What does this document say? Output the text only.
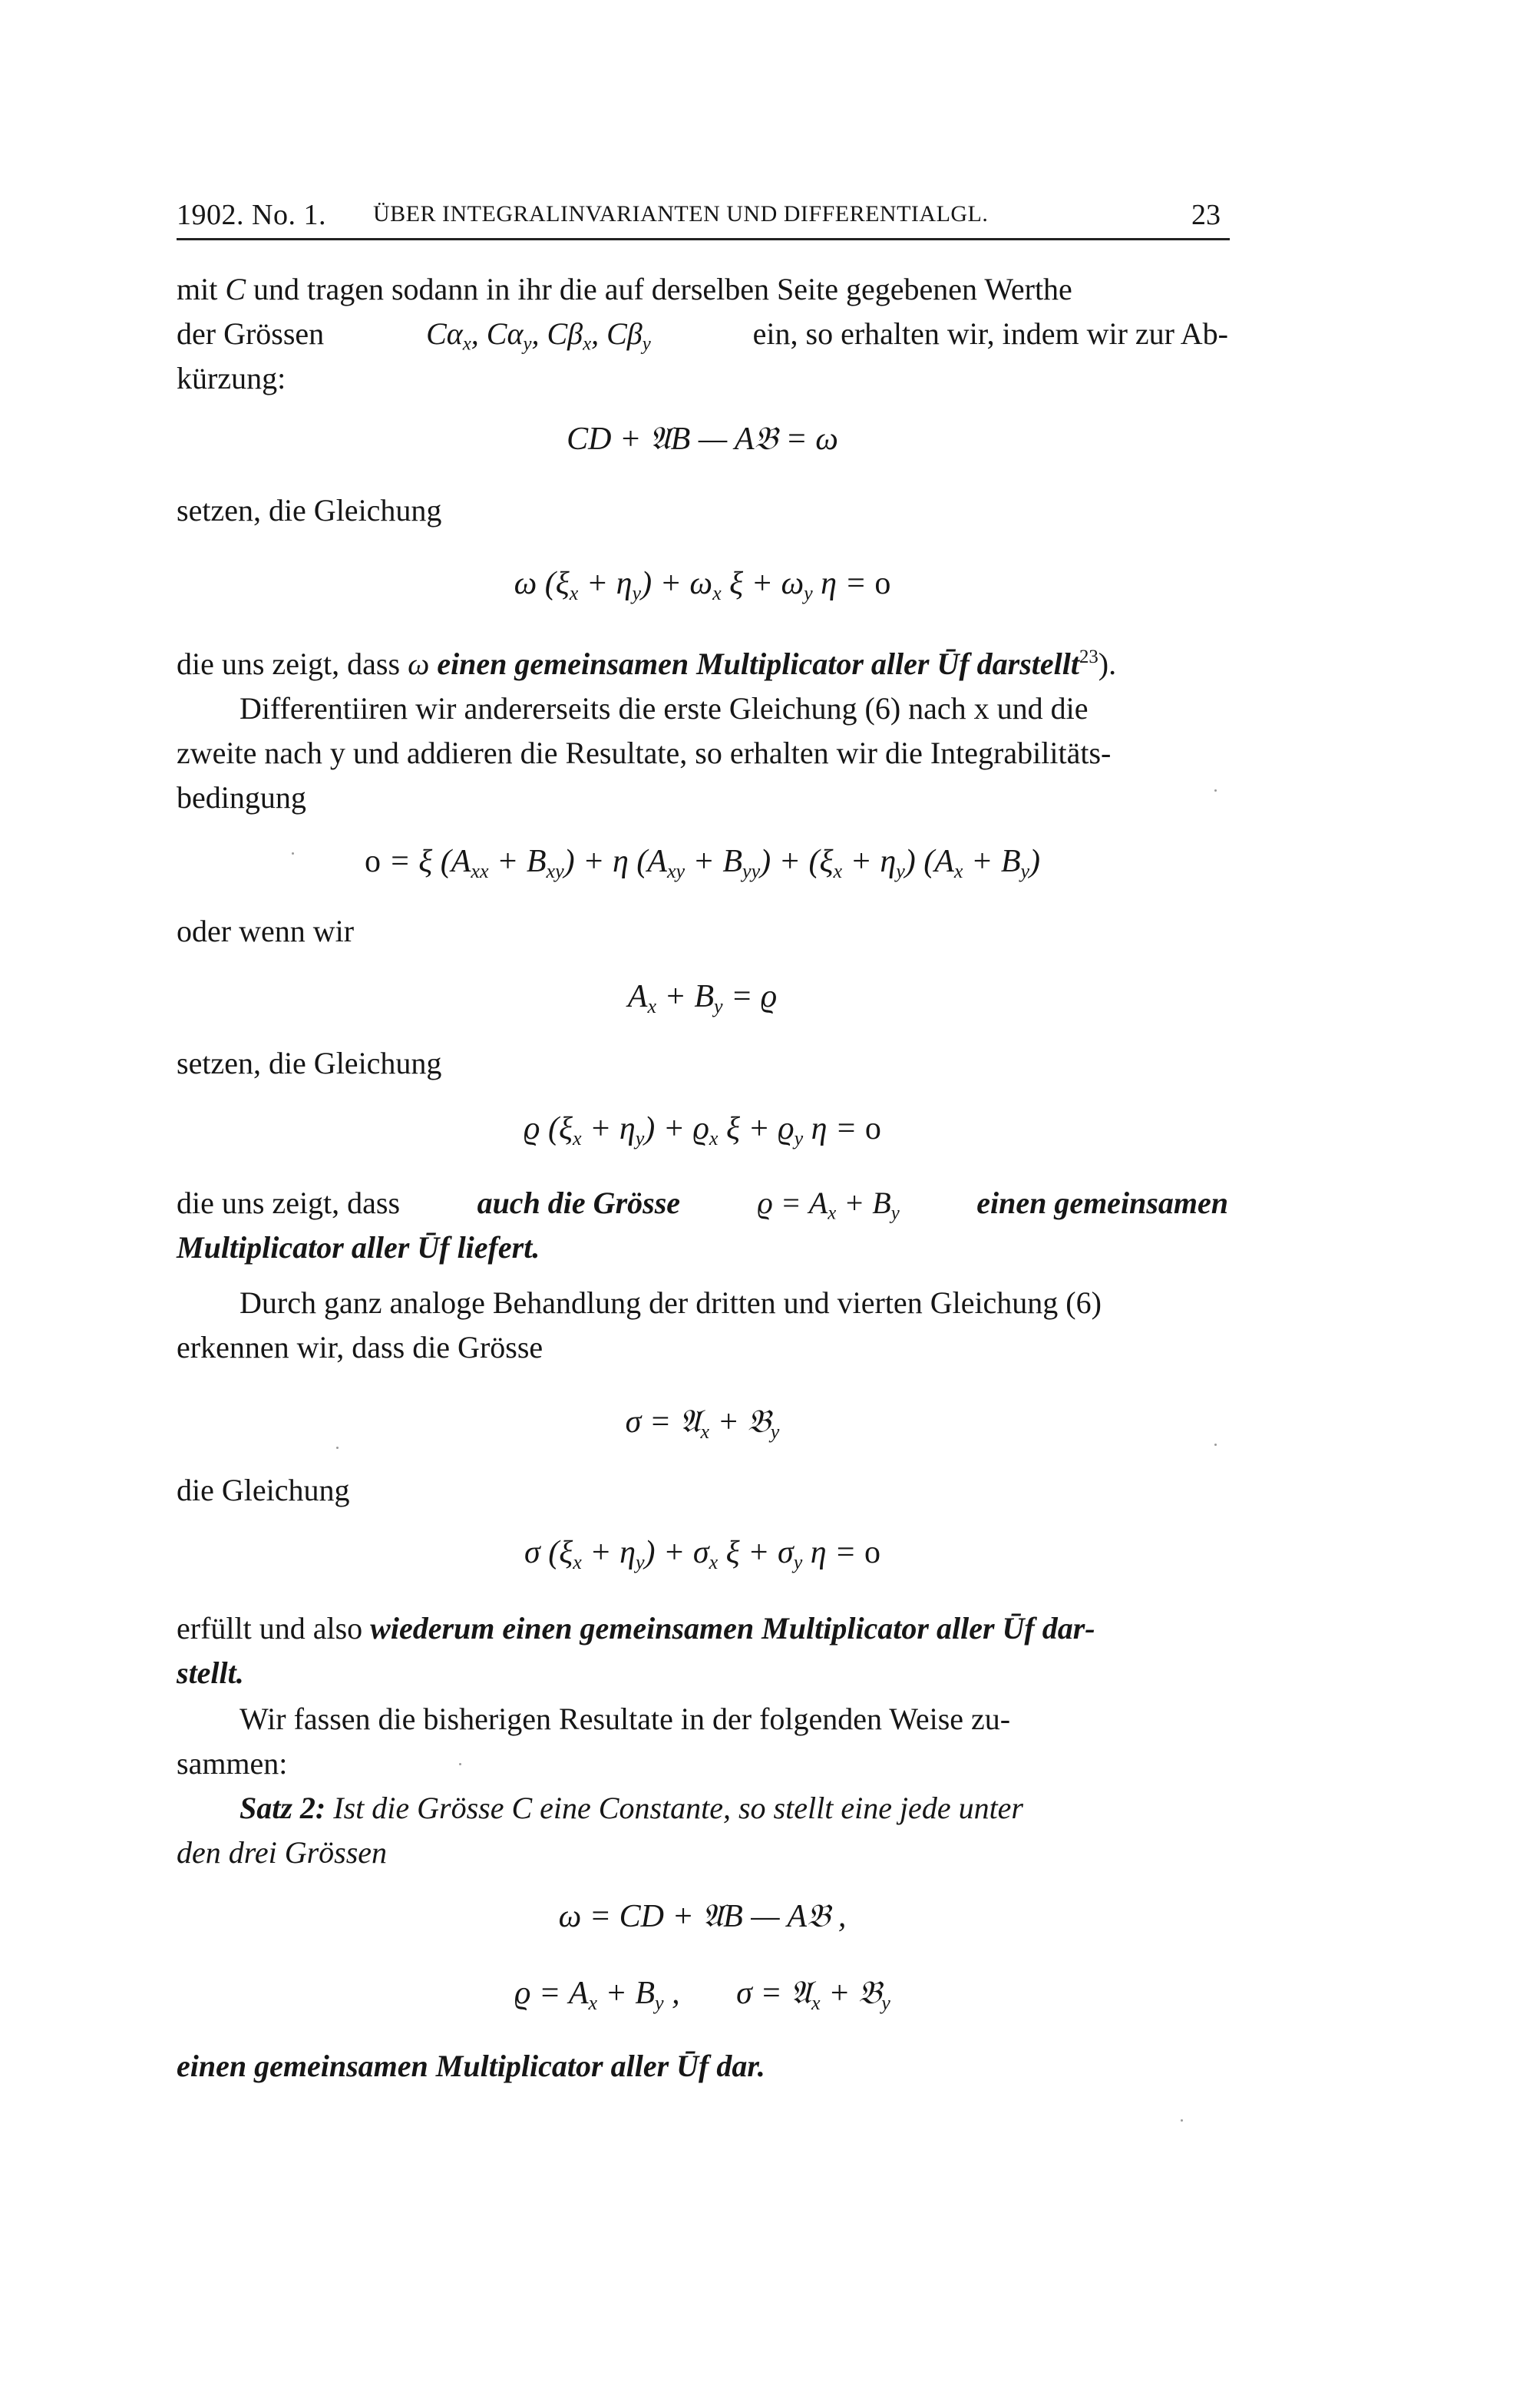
1902. No. 1. ÜBER INTEGRALINVARIANTEN UND DIFFERENTIALGL.	23
mit C und tragen sodann in ihr die auf derselben Seite gegebenen Werthe
der Grössen	$C\alpha_x$, $C\alpha_y$, $C\beta_x$, $C\beta_y$	ein, so erhalten wir, indem wir zur Ab-
kürzung:
CD + 𝔄B — A𝔅 = ω
setzen, die Gleichung
ω $(\xi_x + \eta_y) + \omega_x$ $\xi + \omega_y$ η = o
die uns zeigt, dass ω einen gemeinsamen Multiplicator aller Ūf darstellt$^{23}$).
Differentiiren wir andererseits die erste Gleichung (6) nach x und die
zweite nach y und addieren die Resultate, so erhalten wir die Integrabilitäts-
bedingung
o = ξ $(A_{xx} + B_{xy}) + \eta$ $(A_{xy} + B_{yy}) + (\xi_x + \eta_y) (A_x + B_y)$
oder wenn wir
$A_x + B_y = ϱ$
setzen, die Gleichung
ϱ $(\xi_x + \eta_y) + ϱ_x$ $\xi + ϱ_y$ η = o
die uns zeigt, dass	auch die Grösse	$ϱ = A_x + B_y$	einen gemeinsamen
Multiplicator aller Ūf liefert.
Durch ganz analoge Behandlung der dritten und vierten Gleichung (6)
erkennen wir, dass die Grösse
σ = 𝔄$_x$ + 𝔅$_y$
die Gleichung
σ $(\xi_x + \eta_y) + \sigma_x$ $\xi + \sigma_y$ η = o
erfüllt und also wiederum einen gemeinsamen Multiplicator aller Ūf dar-
stellt.
Wir fassen die bisherigen Resultate in der folgenden Weise zu-
sammen:
Satz 2: Ist die Grösse C eine Constante, so stellt eine jede unter
den drei Grössen
ω = CD + 𝔄B — A𝔅 ,
$ϱ = A_x + B_y$ ,       σ = 𝔄$_x$ + 𝔅$_y$
einen gemeinsamen Multiplicator aller Ūf dar.
